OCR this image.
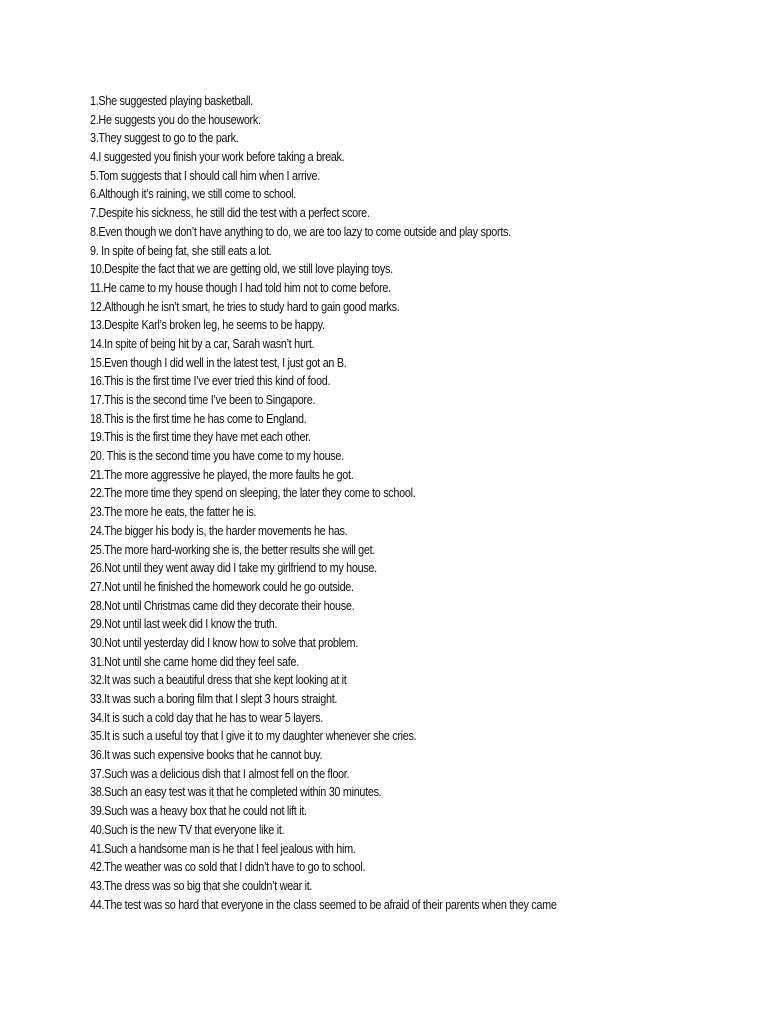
1.She suggested playing basketball.
2.He suggests you do the housework.
3.They suggest to go to the park.
4.I suggested you finish your work before taking a break.
5.Tom suggests that I should call him when I arrive.
6.Although it’s raining, we still come to school.
7.Despite his sickness, he still did the test with a perfect score.
8.Even though we don’t have anything to do, we are too lazy to come outside and play sports.
9. In spite of being fat, she still eats a lot.
10.Despite the fact that we are getting old, we still love playing toys.
11.He came to my house though I had told him not to come before.
12.Although he isn’t smart, he tries to study hard to gain good marks.
13.Despite Karl’s broken leg, he seems to be happy.
14.In spite of being hit by a car, Sarah wasn’t hurt.
15.Even though I did well in the latest test, I just got an B.
16.This is the first time I’ve ever tried this kind of food.
17.This is the second time I’ve been to Singapore.
18.This is the first time he has come to England.
19.This is the first time they have met each other.
20. This is the second time you have come to my house.
21.The more aggressive he played, the more faults he got.
22.The more time they spend on sleeping, the later they come to school.
23.The more he eats, the fatter he is.
24.The bigger his body is, the harder movements he has.
25.The more hard-working she is, the better results she will get.
26.Not until they went away did I take my girlfriend to my house.
27.Not until he finished the homework could he go outside.
28.Not until Christmas came did they decorate their house.
29.Not until last week did I know the truth.
30.Not until yesterday did I know how to solve that problem.
31.Not until she came home did they feel safe.
32.It was such a beautiful dress that she kept looking at it
33.It was such a boring film that I slept 3 hours straight.
34.It is such a cold day that he has to wear 5 layers.
35.It is such a useful toy that I give it to my daughter whenever she cries.
36.It was such expensive books that he cannot buy.
37.Such was a delicious dish that I almost fell on the floor.
38.Such an easy test was it that he completed within 30 minutes.
39.Such was a heavy box that he could not lift it.
40.Such is the new TV that everyone like it.
41.Such a handsome man is he that I feel jealous with him.
42.The weather was co sold that I didn’t have to go to school.
43.The dress was so big that she couldn’t wear it.
44.The test was so hard that everyone in the class seemed to be afraid of their parents when they came
